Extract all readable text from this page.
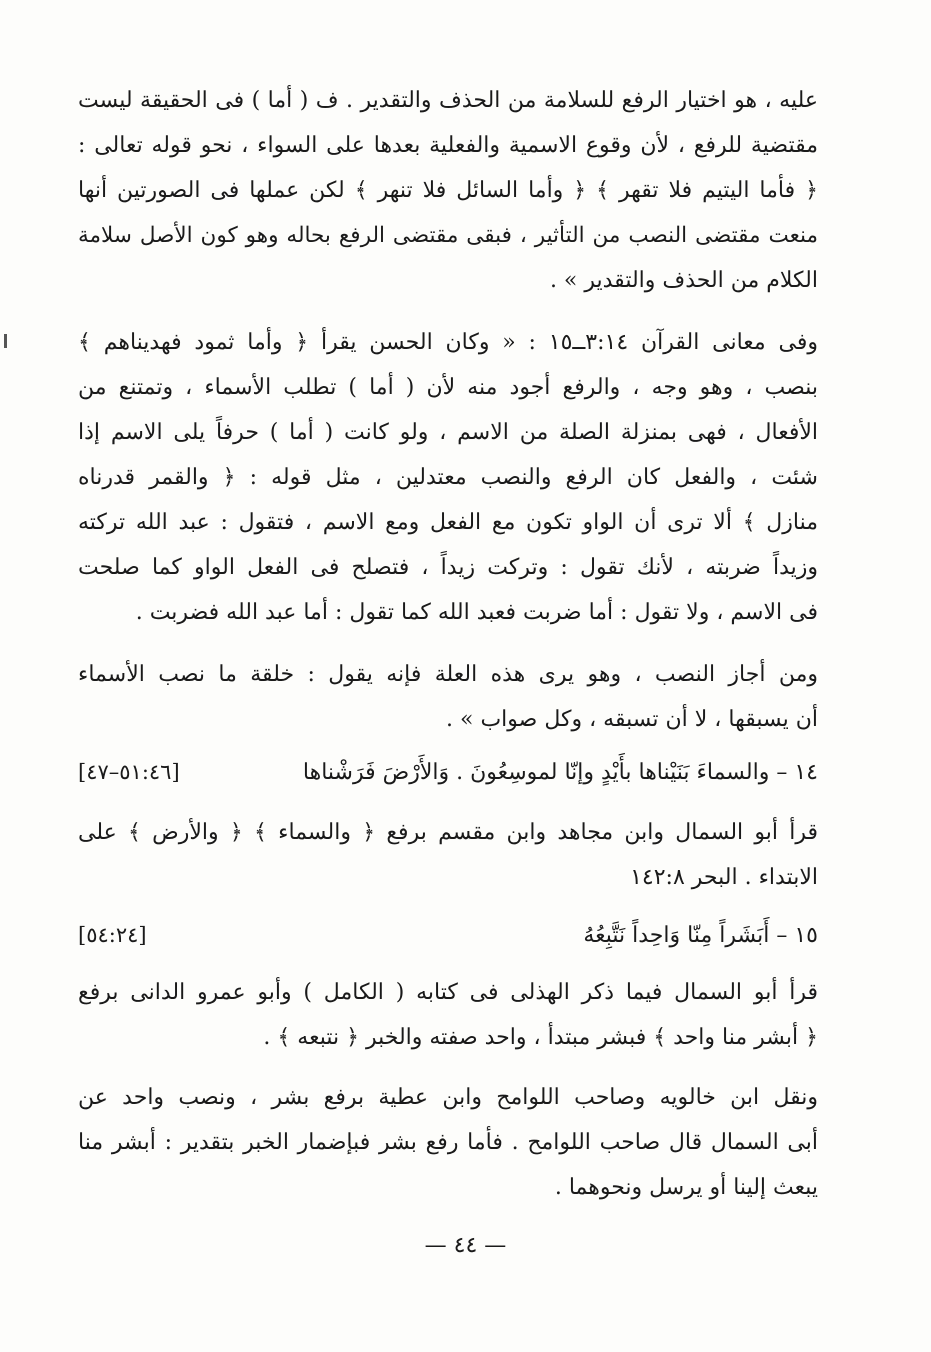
عليه ، هو اختيار الرفع للسلامة من الحذف والتقدير . ف ( أما ) فى الحقيقة ليست
مقتضية للرفع ، لأن وقوع الاسمية والفعلية بعدها على السواء ، نحو قوله تعالى :
﴿ فأما اليتيم فلا تقهر ﴾ ﴿ وأما السائل فلا تنهر ﴾ لكن عملها فى الصورتين أنها
منعت مقتضى النصب من التأثير ، فبقى مقتضى الرفع بحاله وهو كون الأصل سلامة
الكلام من الحذف والتقدير » .
وفى معانى القرآن ٣:١٤ــ١٥ : « وكان الحسن يقرأ ﴿ وأما ثمود فهديناهم ﴾
بنصب ، وهو وجه ، والرفع أجود منه لأن ( أما ) تطلب الأسماء ، وتمتنع من
الأفعال ، فهى بمنزلة الصلة من الاسم ، ولو كانت ( أما ) حرفاً يلى الاسم إذا
شئت ، والفعل كان الرفع والنصب معتدلين ، مثل قوله : ﴿ والقمر قدرناه
منازل ﴾ ألا ترى أن الواو تكون مع الفعل ومع الاسم ، فتقول : عبد الله تركته
وزيداً ضربته ، لأنك تقول : وتركت زيداً ، فتصلح فى الفعل الواو كما صلحت
فى الاسم ، ولا تقول : أما ضربت فعبد الله كما تقول : أما عبد الله فضربت .
ومن أجاز النصب ، وهو يرى هذه العلة فإنه يقول : خلقة ما نصب الأسماء
أن يسبقها ، لا أن تسبقه ، وكل صواب » .
١٤ – والسماءَ بَنَيْناها بأَيْدٍ وإنّا لموسِعُونَ . وَالأَرْضَ فَرَشْناها
[٥١:٤٦–٤٧]
قرأ أبو السمال وابن مجاهد وابن مقسم برفع ﴿ والسماء ﴾ ﴿ والأرض ﴾ على
الابتداء . البحر ١٤٢:٨
١٥ – أَبَشَراً مِنّا وَاحِداً نَتَّبِعُهُ
[٥٤:٢٤]
قرأ أبو السمال فيما ذكر الهذلى فى كتابه ( الكامل ) وأبو عمرو الدانى برفع
﴿ أبشر منا واحد ﴾ فبشر مبتدأ ، واحد صفته والخبر ﴿ نتبعه ﴾ .
ونقل ابن خالويه وصاحب اللوامح وابن عطية برفع بشر ، ونصب واحد عن
أبى السمال قال صاحب اللوامح . فأما رفع بشر فبإضمار الخبر بتقدير : أبشر منا
يبعث إلينا أو يرسل ونحوهما .
— ٤٤ —
